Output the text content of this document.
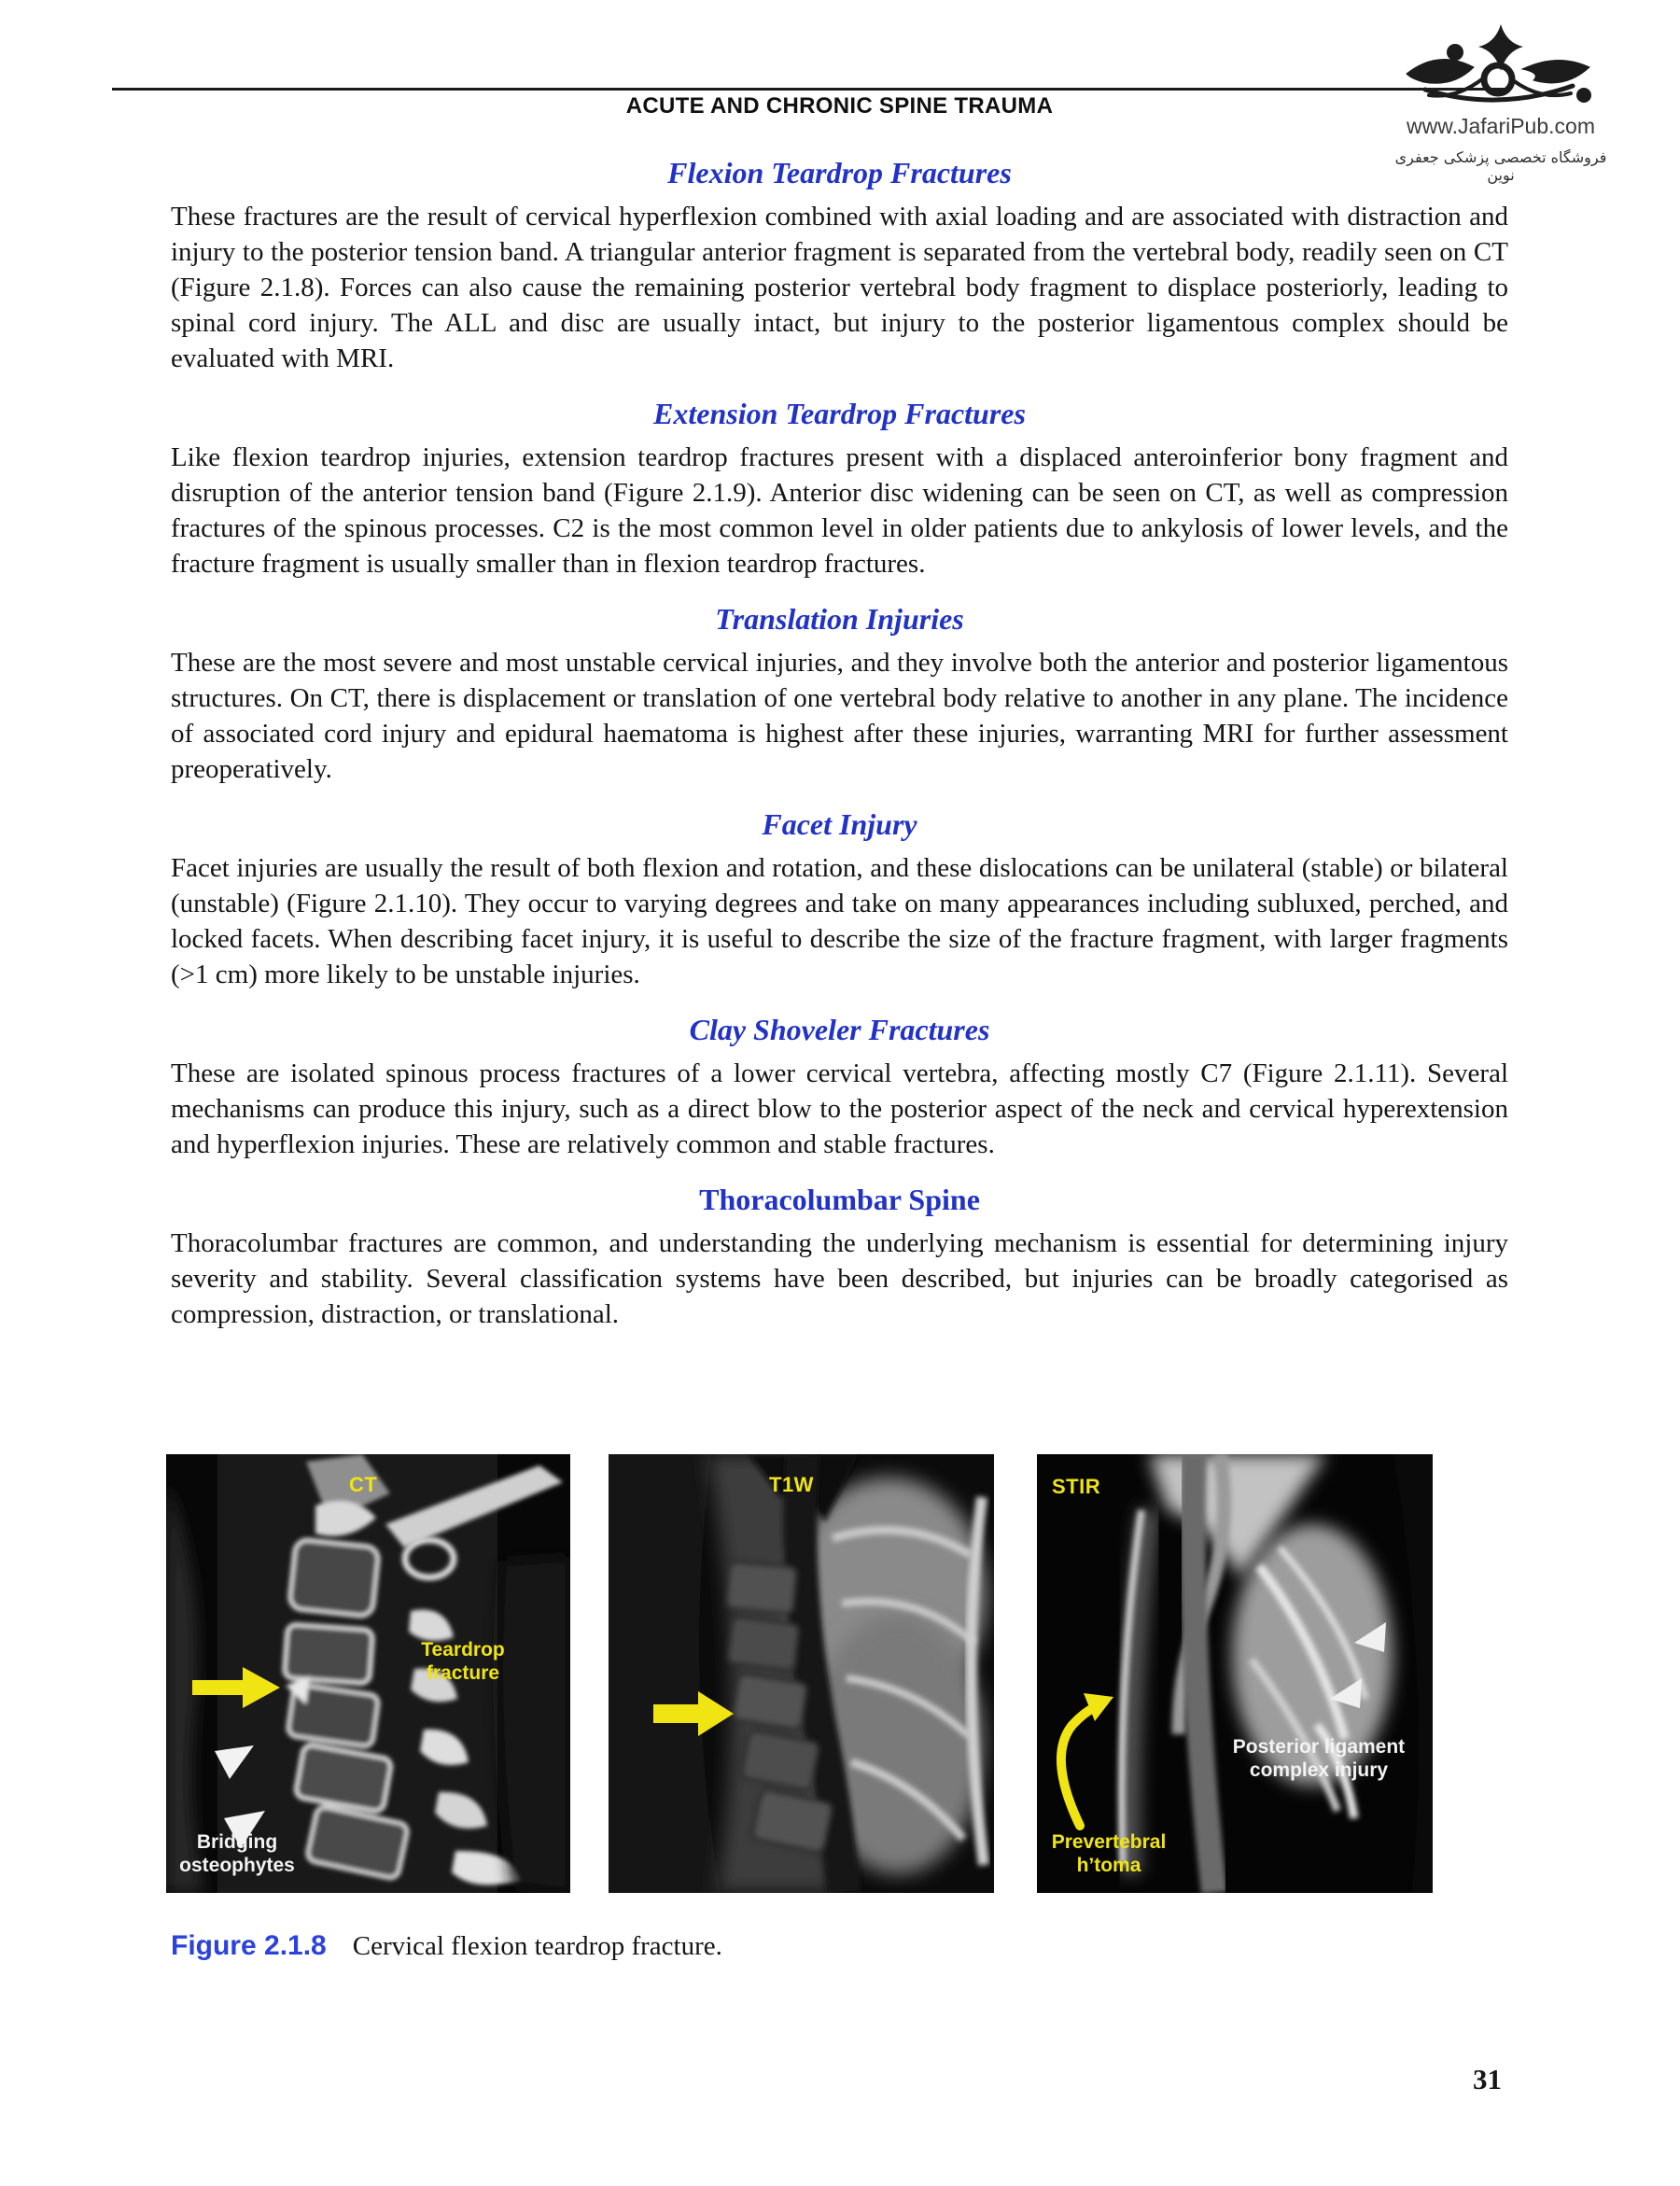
ACUTE AND CHRONIC SPINE TRAUMA
www.JafariPub.com
فروشگاه تخصصی پزشکی جعفری نوین
Flexion Teardrop Fractures

These fractures are the result of cervical hyperflexion combined with axial loading and are associated with distraction and injury to the posterior tension band. A triangular anterior fragment is separated from the vertebral body, readily seen on CT (Figure 2.1.8). Forces can also cause the remaining posterior vertebral body fragment to displace posteriorly, leading to spinal cord injury. The ALL and disc are usually intact, but injury to the posterior ligamentous complex should be evaluated with MRI.

Extension Teardrop Fractures

Like flexion teardrop injuries, extension teardrop fractures present with a displaced anteroinferior bony fragment and disruption of the anterior tension band (Figure 2.1.9). Anterior disc widening can be seen on CT, as well as compression fractures of the spinous processes. C2 is the most common level in older patients due to ankylosis of lower levels, and the fracture fragment is usually smaller than in flexion teardrop fractures.

Translation Injuries

These are the most severe and most unstable cervical injuries, and they involve both the anterior and posterior ligamentous structures. On CT, there is displacement or translation of one vertebral body relative to another in any plane. The incidence of associated cord injury and epidural haematoma is highest after these injuries, warranting MRI for further assessment preoperatively.

Facet Injury

Facet injuries are usually the result of both flexion and rotation, and these dislocations can be unilateral (stable) or bilateral (unstable) (Figure 2.1.10). They occur to varying degrees and take on many appearances including subluxed, perched, and locked facets. When describing facet injury, it is useful to describe the size of the fracture fragment, with larger fragments (>1 cm) more likely to be unstable injuries.

Clay Shoveler Fractures

These are isolated spinous process fractures of a lower cervical vertebra, affecting mostly C7 (Figure 2.1.11). Several mechanisms can produce this injury, such as a direct blow to the posterior aspect of the neck and cervical hyperextension and hyperflexion injuries. These are relatively common and stable fractures.

Thoracolumbar Spine

Thoracolumbar fractures are common, and understanding the underlying mechanism is essential for determining injury severity and stability. Several classification systems have been described, but injuries can be broadly categorised as compression, distraction, or translational.

CT
Teardrop fracture
Bridging osteophytes
T1W	STIR
Posterior ligament complex injury
Prevertebral h’toma
Figure 2.1.8 Cervical flexion teardrop fracture.
31
